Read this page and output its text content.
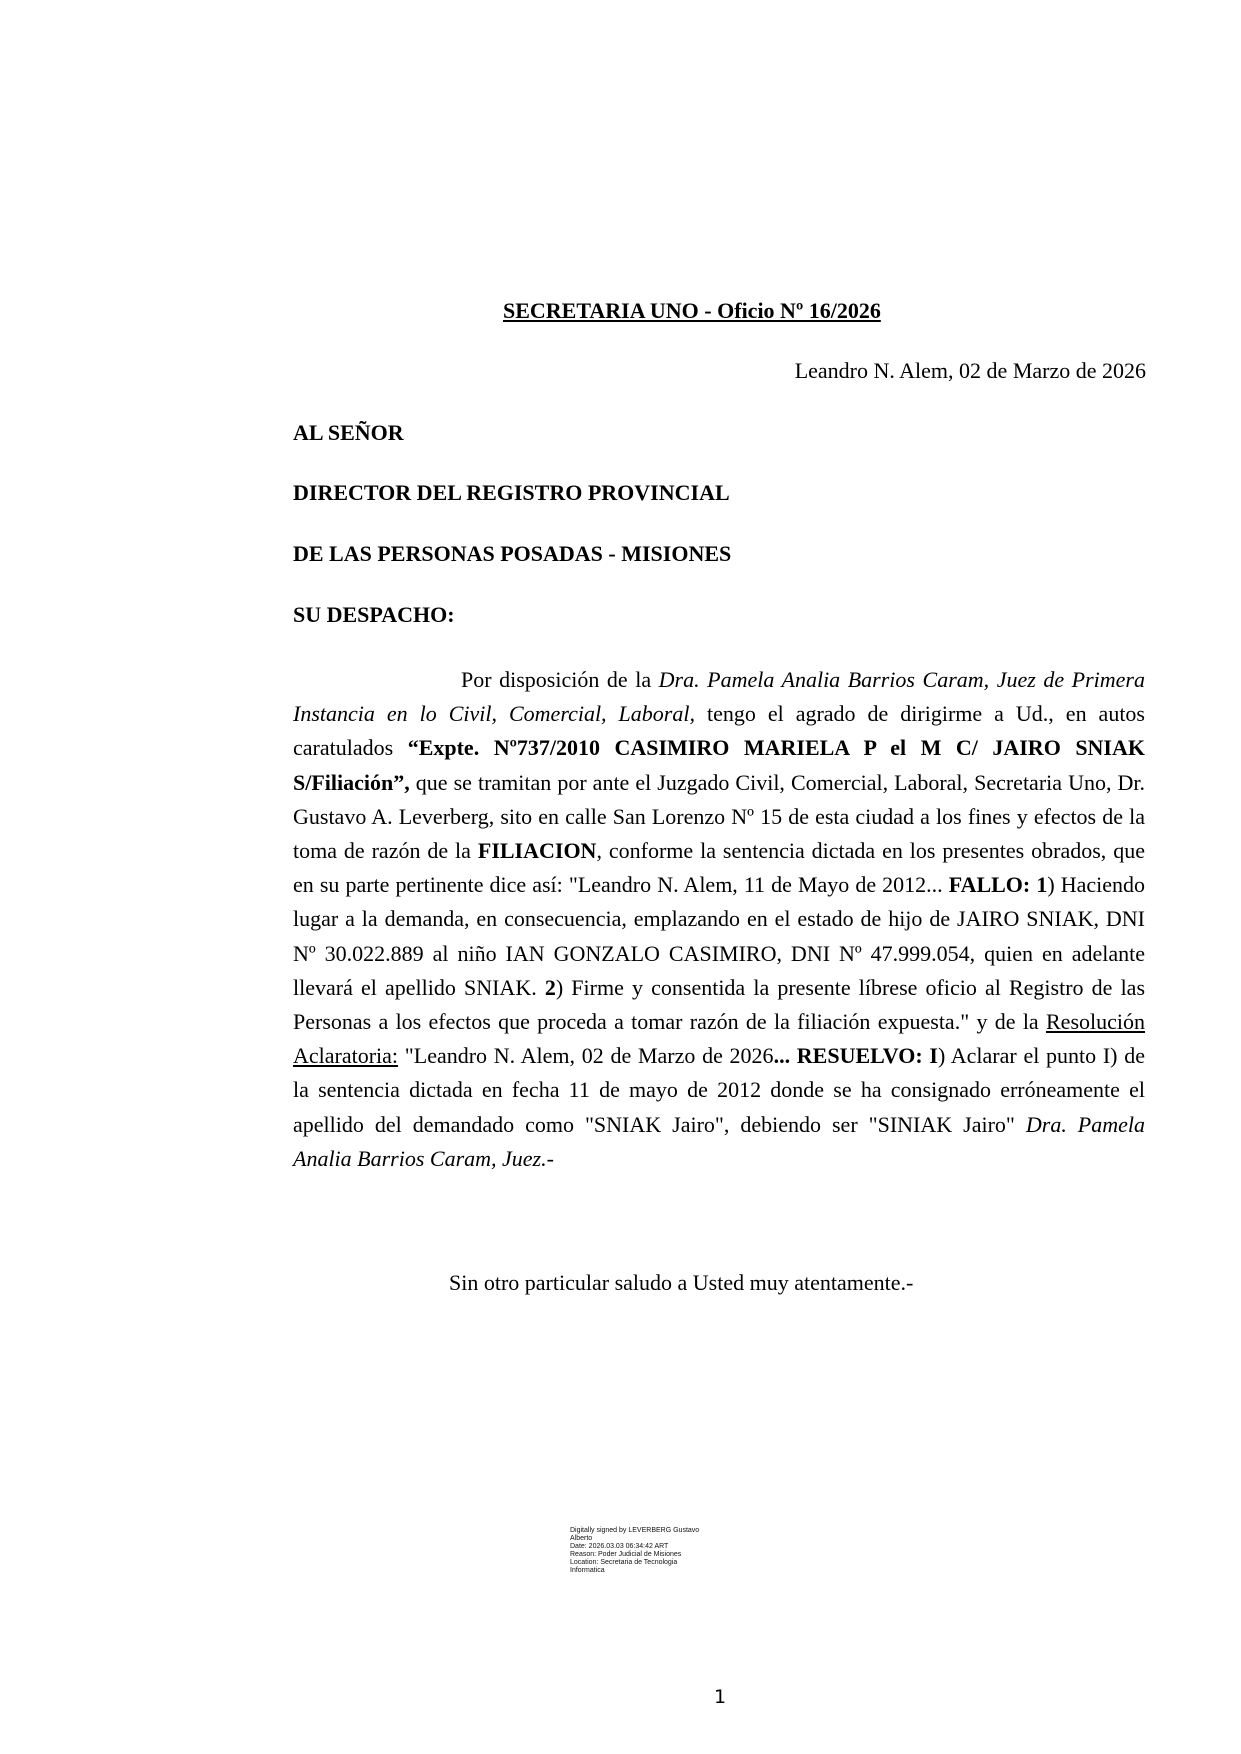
SECRETARIA UNO - Oficio Nº 16/2026
Leandro N. Alem, 02 de Marzo de 2026
AL SEÑOR
DIRECTOR DEL REGISTRO PROVINCIAL
DE LAS PERSONAS POSADAS - MISIONES
SU DESPACHO:

Por disposición de la Dra. Pamela Analia Barrios Caram, Juez de Primera Instancia en lo Civil, Comercial, Laboral, tengo el agrado de dirigirme a Ud., en autos caratulados “Expte. Nº737/2010 CASIMIRO MARIELA P el M C/ JAIRO SNIAK S/Filiación”, que se tramitan por ante el Juzgado Civil, Comercial, Laboral, Secretaria Uno, Dr. Gustavo A. Leverberg, sito en calle San Lorenzo Nº 15 de esta ciudad a los fines y efectos de la toma de razón de la FILIACION, conforme la sentencia dictada en los presentes obrados, que en su parte pertinente dice así: "Leandro N. Alem, 11 de Mayo de 2012... FALLO: 1) Haciendo lugar a la demanda, en consecuencia, emplazando en el estado de hijo de JAIRO SNIAK, DNI Nº 30.022.889 al niño IAN GONZALO CASIMIRO, DNI Nº 47.999.054, quien en adelante llevará el apellido SNIAK. 2) Firme y consentida la presente líbrese oficio al Registro de las Personas a los efectos que proceda a tomar razón de la filiación expuesta." y de la Resolución Aclaratoria: "Leandro N. Alem, 02 de Marzo de 2026... RESUELVO: I) Aclarar el punto I) de la sentencia dictada en fecha 11 de mayo de 2012 donde se ha consignado erróneamente el apellido del demandado como "SNIAK Jairo", debiendo ser "SINIAK Jairo" Dra. Pamela Analia Barrios Caram, Juez.-

Sin otro particular saludo a Usted muy atentamente.-
Digitally signed by LEVERBERG Gustavo
Alberto
Date: 2026.03.03 06:34:42 ART
Reason: Poder Judicial de Misiones
Location: Secretaria de Tecnologia
Informatica
1
